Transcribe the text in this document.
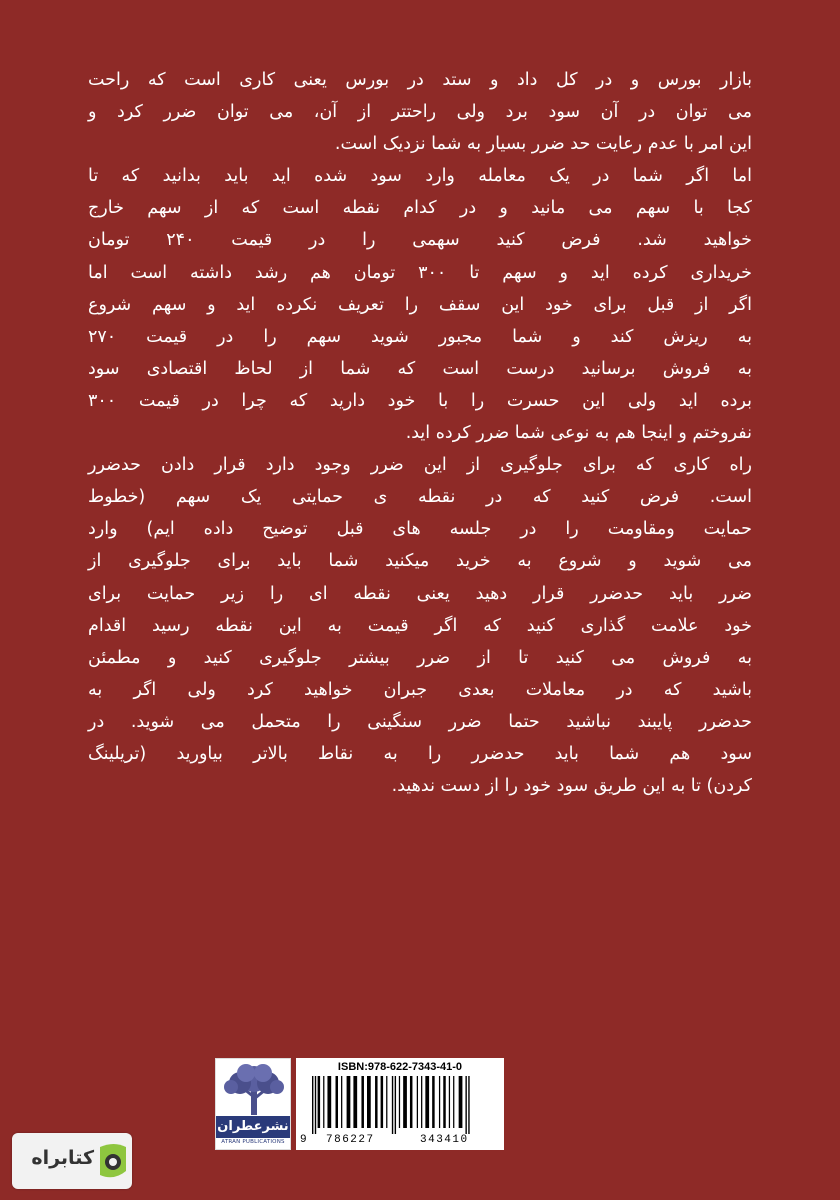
بازار بورس و در کل داد و ستد در بورس یعنی کاری است که راحت
می توان در آن سود برد ولی راحتتر از آن، می توان ضرر کرد و
این امر با عدم رعایت حد ضرر بسیار به شما نزدیک است.

اما اگر شما در یک معامله وارد سود شده اید باید بدانید که تا
کجا با سهم می مانید و در کدام نقطه است که از سهم خارج
خواهید شد. فرض کنید سهمی را در قیمت ۲۴۰ تومان
خریداری کرده اید و سهم تا ۳۰۰ تومان هم رشد داشته است اما
اگر از قبل برای خود این سقف را تعریف نکرده اید و سهم شروع
به ریزش کند و شما مجبور شوید سهم را در قیمت ۲۷۰
به فروش برسانید درست است که شما از لحاظ اقتصادی سود
برده اید ولی این حسرت را با خود دارید که چرا در قیمت ۳۰۰
نفروختم و اینجا هم به نوعی شما ضرر کرده اید.

راه کاری که برای جلوگیری از این ضرر وجود دارد قرار دادن حدضرر
است. فرض کنید که در نقطه ی حمایتی یک سهم (خطوط
حمایت ومقاومت را در جلسه های قبل توضیح داده ایم) وارد
می شوید و شروع به خرید میکنید شما باید برای جلوگیری از
ضرر باید حدضرر قرار دهید یعنی نقطه ای را زیر حمایت برای
خود علامت گذاری کنید که اگر قیمت به این نقطه رسید اقدام
به فروش می کنید تا از ضرر بیشتر جلوگیری کنید و مطمئن
باشید که در معاملات بعدی جبران خواهید کرد ولی اگر به
حدضرر پایبند نباشید حتما ضرر سنگینی را متحمل می شوید. در
سود هم شما باید حدضرر را به نقاط بالاتر بیاورید (تریلینگ
کردن) تا به این طریق سود خود را از دست ندهید.

نشرعطران
ATRAN PUBLICATIONS
ISBN:978-622-7343-41-0
9 786227	343410
کتابراه
